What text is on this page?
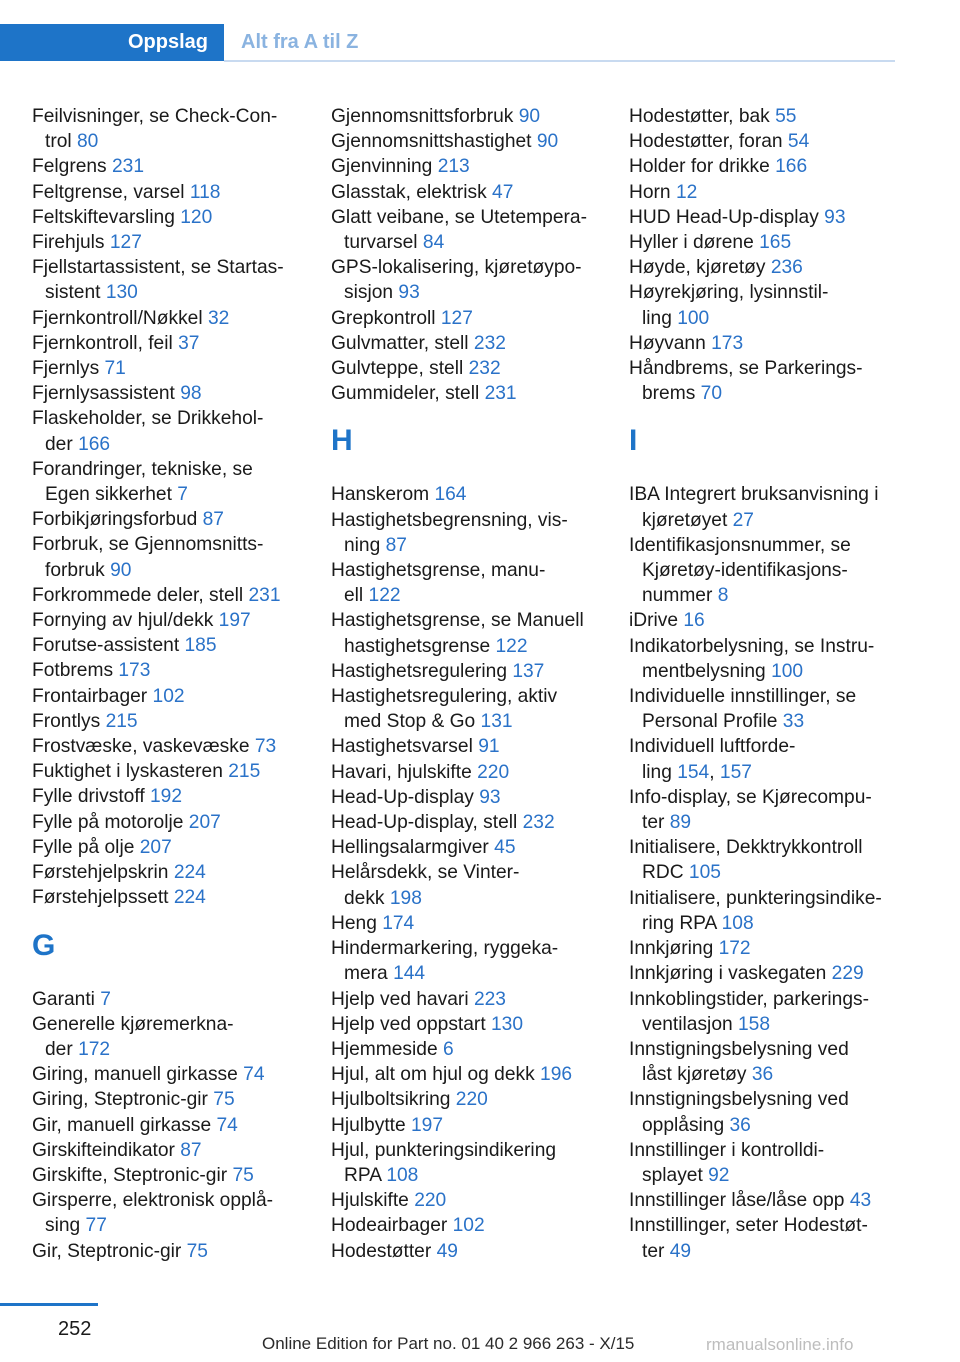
Oppslag	Alt fra A til Z
Feilvisninger, se Check-Con-
trol 80
Felgrens 231
Feltgrense, varsel 118
Feltskiftevarsling 120
Firehjuls 127
Fjellstartassistent, se Startas-
sistent 130
Fjernkontroll/Nøkkel 32
Fjernkontroll, feil 37
Fjernlys 71
Fjernlysassistent 98
Flaskeholder, se Drikkehol-
der 166
Forandringer, tekniske, se
Egen sikkerhet 7
Forbikjøringsforbud 87
Forbruk, se Gjennomsnitts-
forbruk 90
Forkrommede deler, stell 231
Fornying av hjul/dekk 197
Forutse-assistent 185
Fotbrems 173
Frontairbager 102
Frontlys 215
Frostvæske, vaskevæske 73
Fuktighet i lyskasteren 215
Fylle drivstoff 192
Fylle på motorolje 207
Fylle på olje 207
Førstehjelpskrin 224
Førstehjelpssett 224
G
Garanti 7
Generelle kjøremerkna-
der 172
Giring, manuell girkasse 74
Giring, Steptronic-gir 75
Gir, manuell girkasse 74
Girskifteindikator 87
Girskifte, Steptronic-gir 75
Girsperre, elektronisk opplå-
sing 77
Gir, Steptronic-gir 75
Gjennomsnittsforbruk 90
Gjennomsnittshastighet 90
Gjenvinning 213
Glasstak, elektrisk 47
Glatt veibane, se Utetempera-
turvarsel 84
GPS-lokalisering, kjøretøypo-
sisjon 93
Grepkontroll 127
Gulvmatter, stell 232
Gulvteppe, stell 232
Gummideler, stell 231
H
Hanskerom 164
Hastighetsbegrensning, vis-
ning 87
Hastighetsgrense, manu-
ell 122
Hastighetsgrense, se Manuell
hastighetsgrense 122
Hastighetsregulering 137
Hastighetsregulering, aktiv
med Stop & Go 131
Hastighetsvarsel 91
Havari, hjulskifte 220
Head-Up-display 93
Head-Up-display, stell 232
Hellingsalarmgiver 45
Helårsdekk, se Vinter-
dekk 198
Heng 174
Hindermarkering, ryggeka-
mera 144
Hjelp ved havari 223
Hjelp ved oppstart 130
Hjemmeside 6
Hjul, alt om hjul og dekk 196
Hjulboltsikring 220
Hjulbytte 197
Hjul, punkteringsindikering
RPA 108
Hjulskifte 220
Hodeairbager 102
Hodestøtter 49
Hodestøtter, bak 55
Hodestøtter, foran 54
Holder for drikke 166
Horn 12
HUD Head-Up-display 93
Hyller i dørene 165
Høyde, kjøretøy 236
Høyrekjøring, lysinnstil-
ling 100
Høyvann 173
Håndbrems, se Parkerings-
brems 70
I
IBA Integrert bruksanvisning i
kjøretøyet 27
Identifikasjonsnummer, se
Kjøretøy-identifikasjons-
nummer 8
iDrive 16
Indikatorbelysning, se Instru-
mentbelysning 100
Individuelle innstillinger, se
Personal Profile 33
Individuell luftforde-
ling 154, 157
Info-display, se Kjørecompu-
ter 89
Initialisere, Dekktrykkontroll
RDC 105
Initialisere, punkteringsindike-
ring RPA 108
Innkjøring 172
Innkjøring i vaskegaten 229
Innkoblingstider, parkerings-
ventilasjon 158
Innstigningsbelysning ved
låst kjøretøy 36
Innstigningsbelysning ved
opplåsing 36
Innstillinger i kontrolldi-
splayet 92
Innstillinger låse/låse opp 43
Innstillinger, seter Hodestøt-
ter 49
252
Online Edition for Part no. 01 40 2 966 263 - X/15	rmanualsonline.info
